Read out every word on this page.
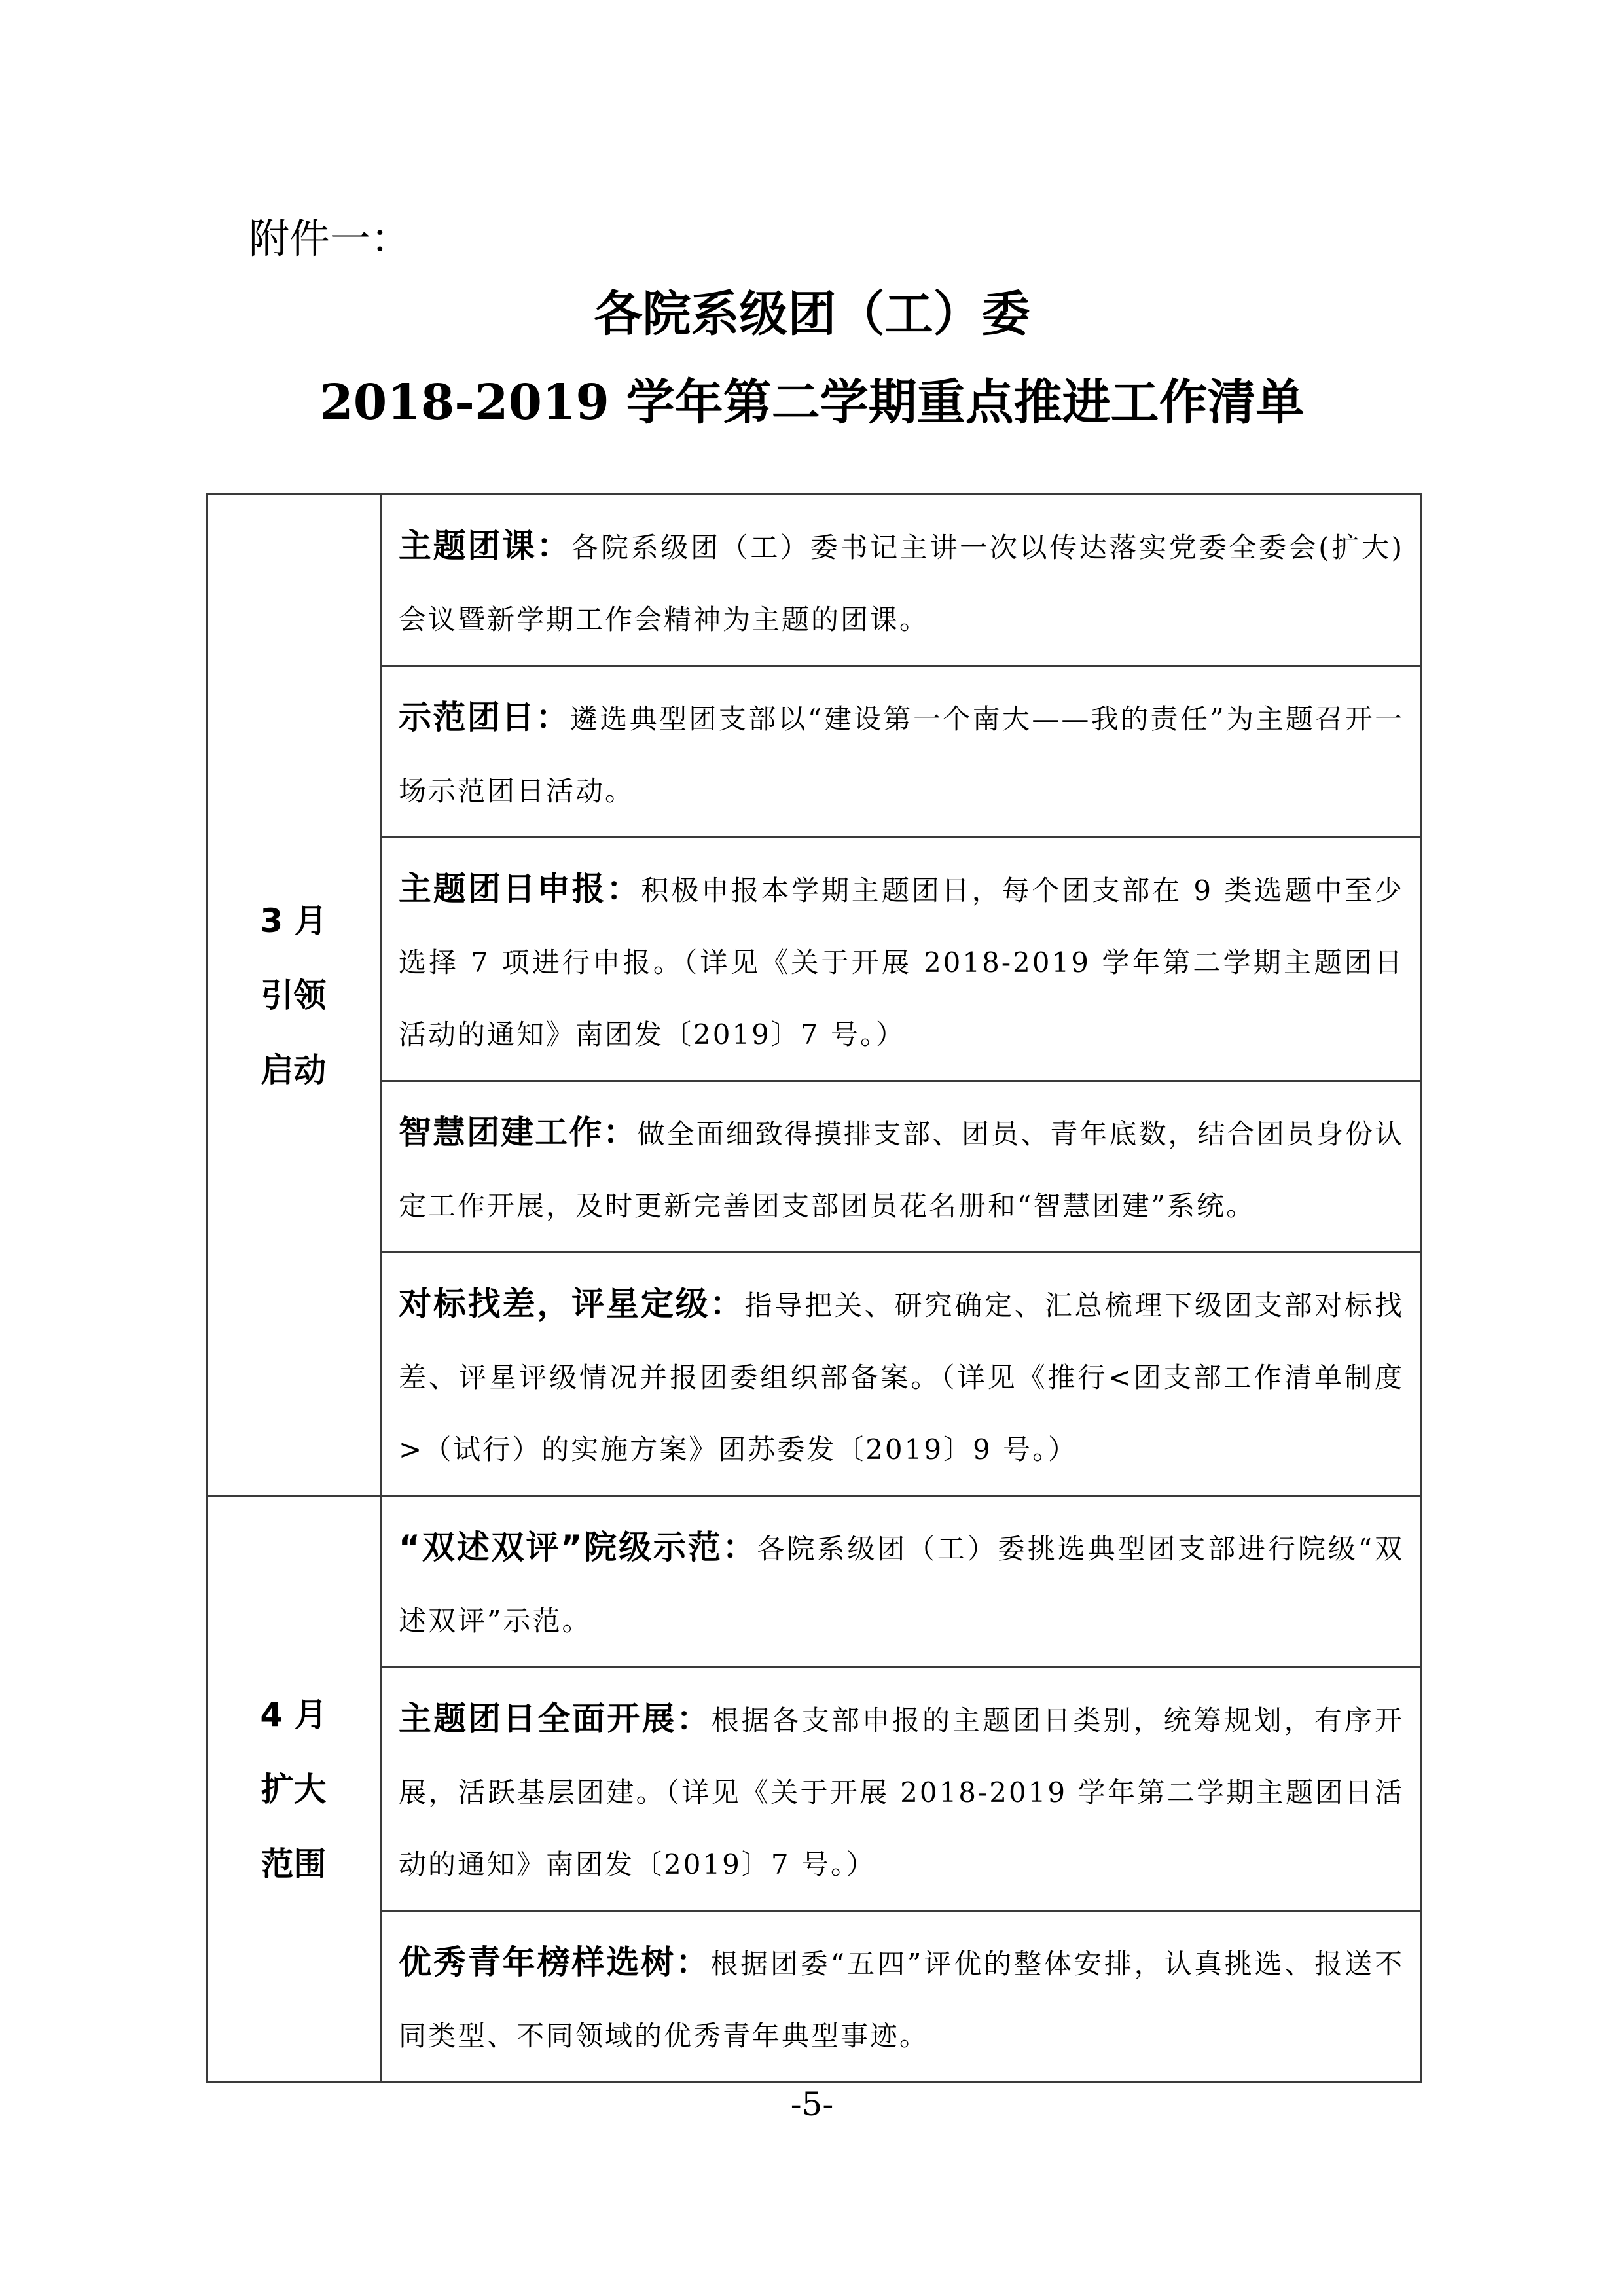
附件一：
各院系级团（工）委
2018-2019 学年第二学期重点推进工作清单
3 月
引领
启动	主题团课：各院系级团（工）委书记主讲一次以传达落实党委全委会(扩大)会议暨新学期工作会精神为主题的团课。
	示范团日：遴选典型团支部以“建设第一个南大——我的责任”为主题召开一场示范团日活动。
	主题团日申报：积极申报本学期主题团日，每个团支部在 9 类选题中至少选择 7 项进行申报。（详见《关于开展 2018-2019 学年第二学期主题团日活动的通知》南团发〔2019〕7 号。）
	智慧团建工作：做全面细致得摸排支部、团员、青年底数，结合团员身份认定工作开展，及时更新完善团支部团员花名册和“智慧团建”系统。
	对标找差，评星定级：指导把关、研究确定、汇总梳理下级团支部对标找差、评星评级情况并报团委组织部备案。（详见《推行<团支部工作清单制度>（试行）的实施方案》团苏委发〔2019〕9 号。）

4 月
扩大
范围	“双述双评”院级示范：各院系级团（工）委挑选典型团支部进行院级“双述双评”示范。
	主题团日全面开展：根据各支部申报的主题团日类别，统筹规划，有序开展，活跃基层团建。（详见《关于开展 2018-2019 学年第二学期主题团日活动的通知》南团发〔2019〕7 号。）
	优秀青年榜样选树：根据团委“五四”评优的整体安排，认真挑选、报送不同类型、不同领域的优秀青年典型事迹。
-5-
